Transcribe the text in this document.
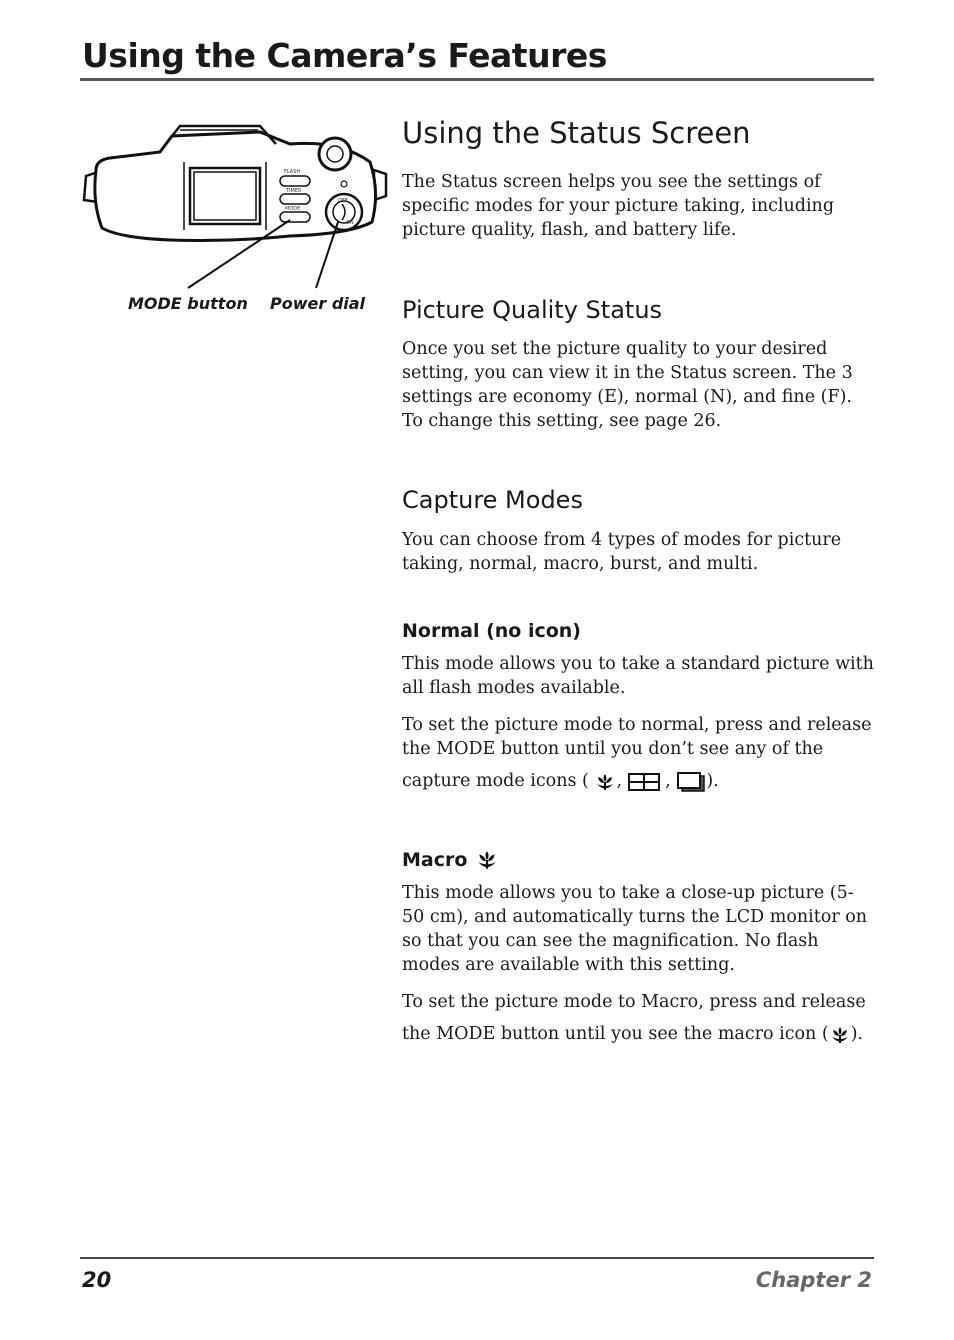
Using the Camera’s Features
FLASH
TIMER
MODE
OFF
ON
MODE button Power dial
Using the Status Screen

The Status screen helps you see the settings of specific modes for your picture taking, including picture quality, flash, and battery life.

Picture Quality Status

Once you set the picture quality to your desired setting, you can view it in the Status screen. The 3 settings are economy (E), normal (N), and fine (F). To change this setting, see page 26.

Capture Modes

You can choose from 4 types of modes for picture taking, normal, macro, burst, and multi.

Normal (no icon)

This mode allows you to take a standard picture with all flash modes available.

To set the picture mode to normal, press and release the MODE button until you don’t see any of the

capture mode icons ( , , ).

Macro

This mode allows you to take a close-up picture (5-50 cm), and automatically turns the LCD monitor on so that you can see the magnification. No flash modes are available with this setting.

To set the picture mode to Macro, press and release

the MODE button until you see the macro icon ( ).

20	Chapter 2
